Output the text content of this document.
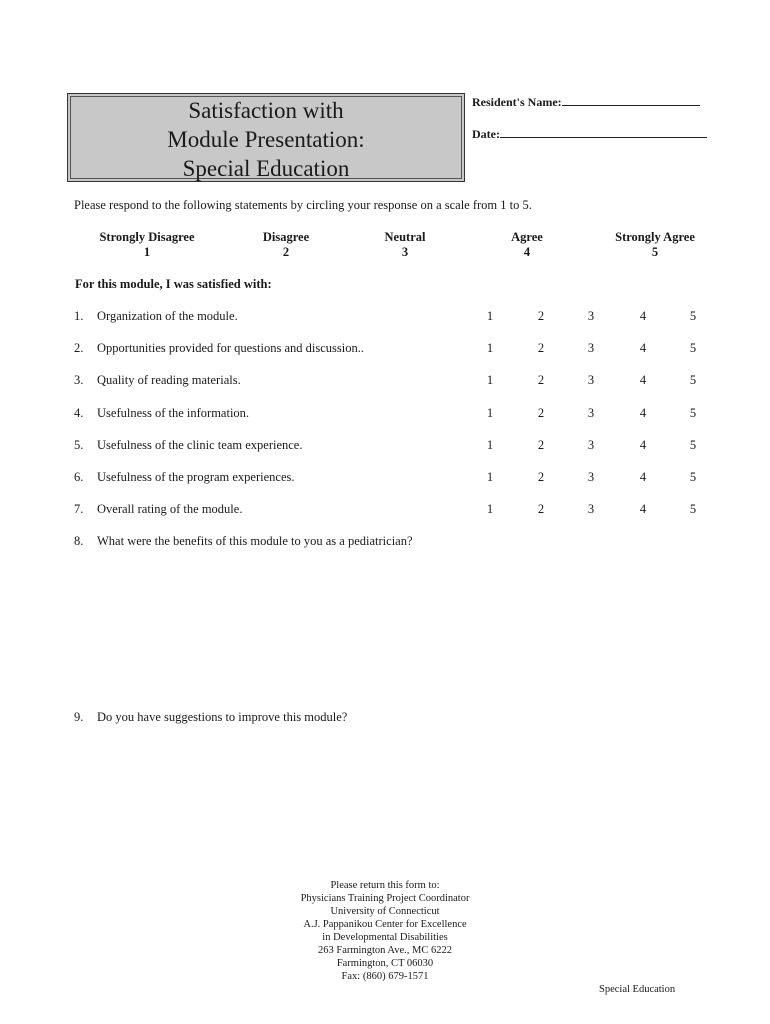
Satisfaction with
Module Presentation:
Special Education
Resident's Name:
Date:
Please respond to the following statements by circling your response on a scale from 1 to 5.
Strongly Disagree
1
Disagree
2
Neutral
3
Agree
4
Strongly Agree
5
For this module, I was satisfied with:
1. Organization of the module.	1	2	3	4	5
2. Opportunities provided for questions and discussion..	1	2	3	4	5
3. Quality of reading materials.	1	2	3	4	5
4. Usefulness of the information.	1	2	3	4	5
5. Usefulness of the clinic team experience.	1	2	3	4	5
6. Usefulness of the program experiences.	1	2	3	4	5
7. Overall rating of the module.	1	2	3	4	5
8. What were the benefits of this module to you as a pediatrician?
9. Do you have suggestions to improve this module?
Please return this form to:
Physicians Training Project Coordinator
University of Connecticut
A.J. Pappanikou Center for Excellence
in Developmental Disabilities
263 Farmington Ave., MC 6222
Farmington, CT 06030
Fax: (860) 679-1571
Special Education
